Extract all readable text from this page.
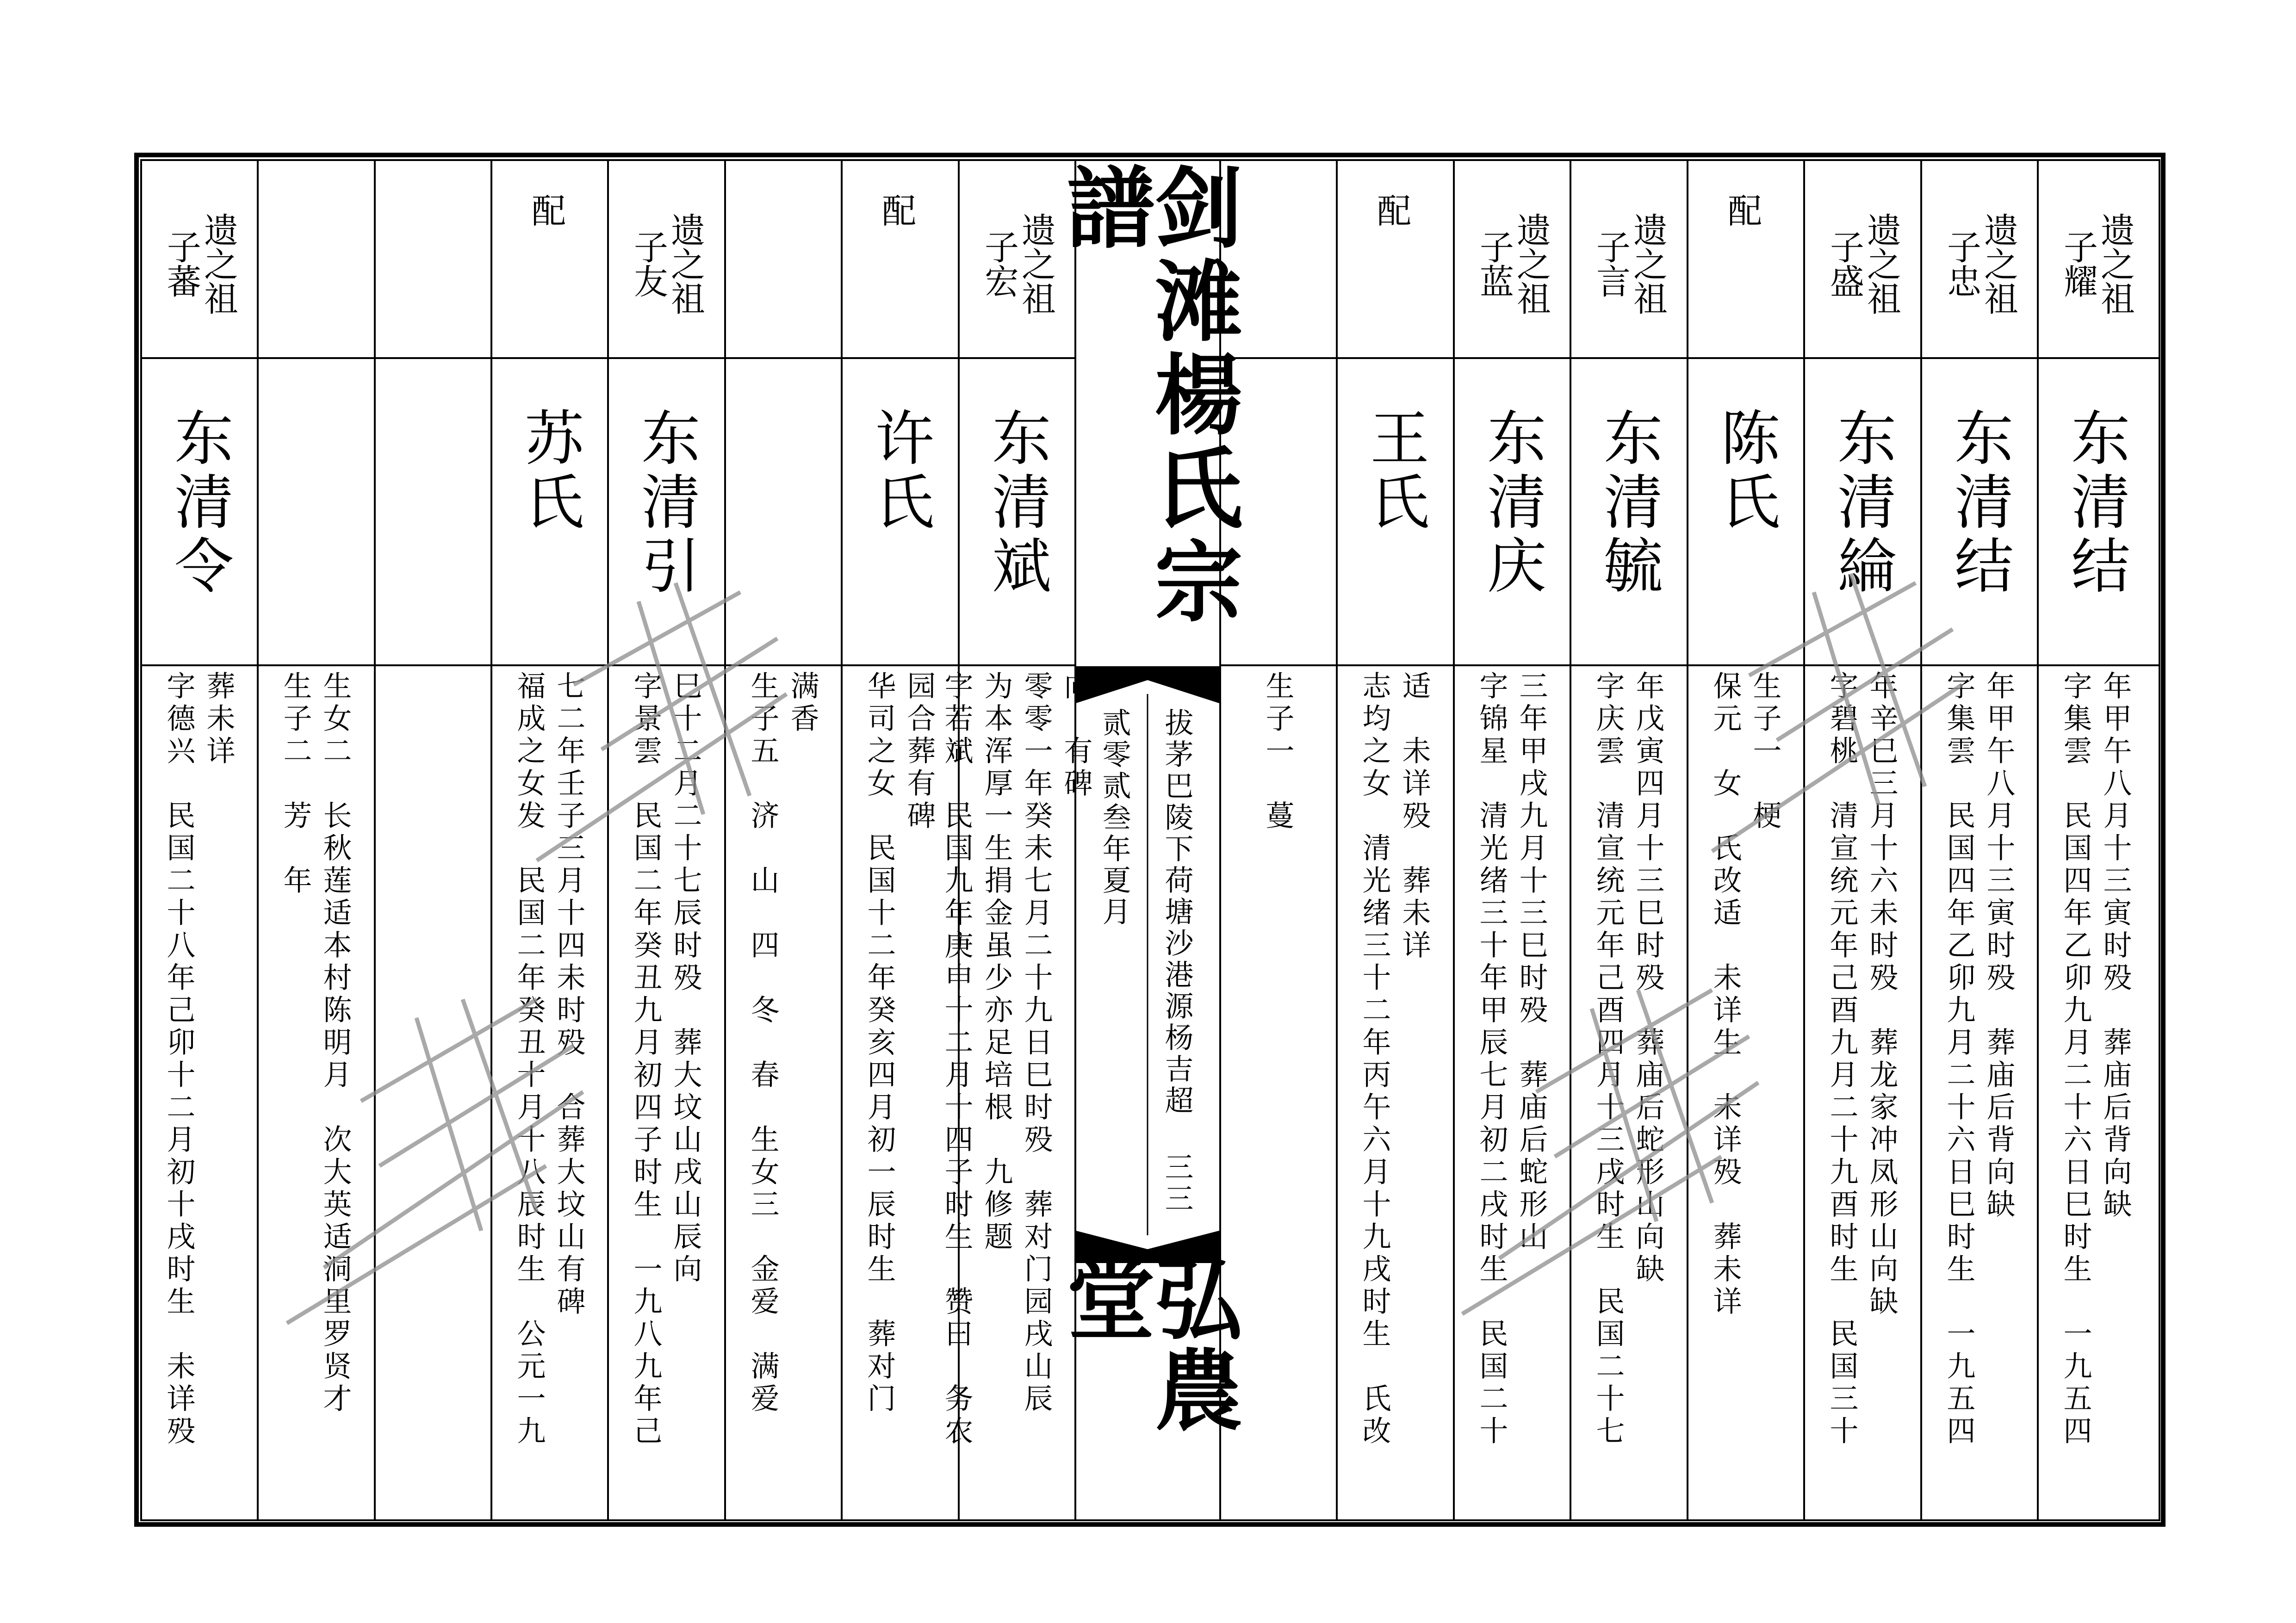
剑滩楊氏宗譜
拔茅巴陵下荷塘沙港源杨吉超
三三
贰零贰叁年夏月
弘農堂
遗之祖
子耀
东清结
字集雲　民国四年乙卯九月二十六日巳时生　一九五四 年甲午八月十三寅时殁　葬庙后背向缺
遗之祖
子忠
东清结
字集雲　民国四年乙卯九月二十六日巳时生　一九五四 年甲午八月十三寅时殁　葬庙后背向缺
遗之祖
子盛
东清綸
字碧桃　清宣统元年己酉九月二十九酉时生　民国三十 年辛巳三月十六未时殁　葬龙家冲凤形山向缺
配
陈氏
保元　女　氏改适　未详生　未详殁　葬未详 生子一　梗
遗之祖
子言
东清毓
字庆雲　清宣统元年己酉四月十三戌时生　民国二十七 年戊寅四月十三巳时殁　葬庙后蛇形山向缺
遗之祖
子蓝
东清庆
字锦星　清光绪三十年甲辰七月初二戌时生　民国二十 三年甲戌九月十三巳时殁　葬庙后蛇形山
配
王氏
志均之女　清光绪三十二年丙午六月十九戌时生　氏改 适　未详殁　葬未详
生子一　蔓
遗之祖
子宏
东清斌
字若斌　民国九年庚申十二月十四子时生　赞曰　务农 为本浑厚一生捐金虽少亦足培根　九修题 零零一年癸未七月二十九日巳时殁　葬对门园戌山辰 向　有碑
配
许氏
华司之女　民国十二年癸亥四月初一辰时生　葬对门 园合葬有碑
生子五　济　山　四　冬　春　生女三　金爱　满爱 满香
遗之祖
子友
东清引
字景雲　民国二年癸丑九月初四子时生　一九八九年己 巳十二月二十七辰时殁　葬大坟山戌山辰向
配
苏氏
福成之女发　民国二年癸丑十月十八辰时生　公元一九 七二年壬子三月十四未时殁　合葬大坟山有碑
生子二　芳　年 生女二　长秋莲适本村陈明月　次大英适洞里罗贤才
遗之祖
子蕃
东清令
字德兴　民国二十八年己卯十二月初十戌时生　未详殁 葬未详
